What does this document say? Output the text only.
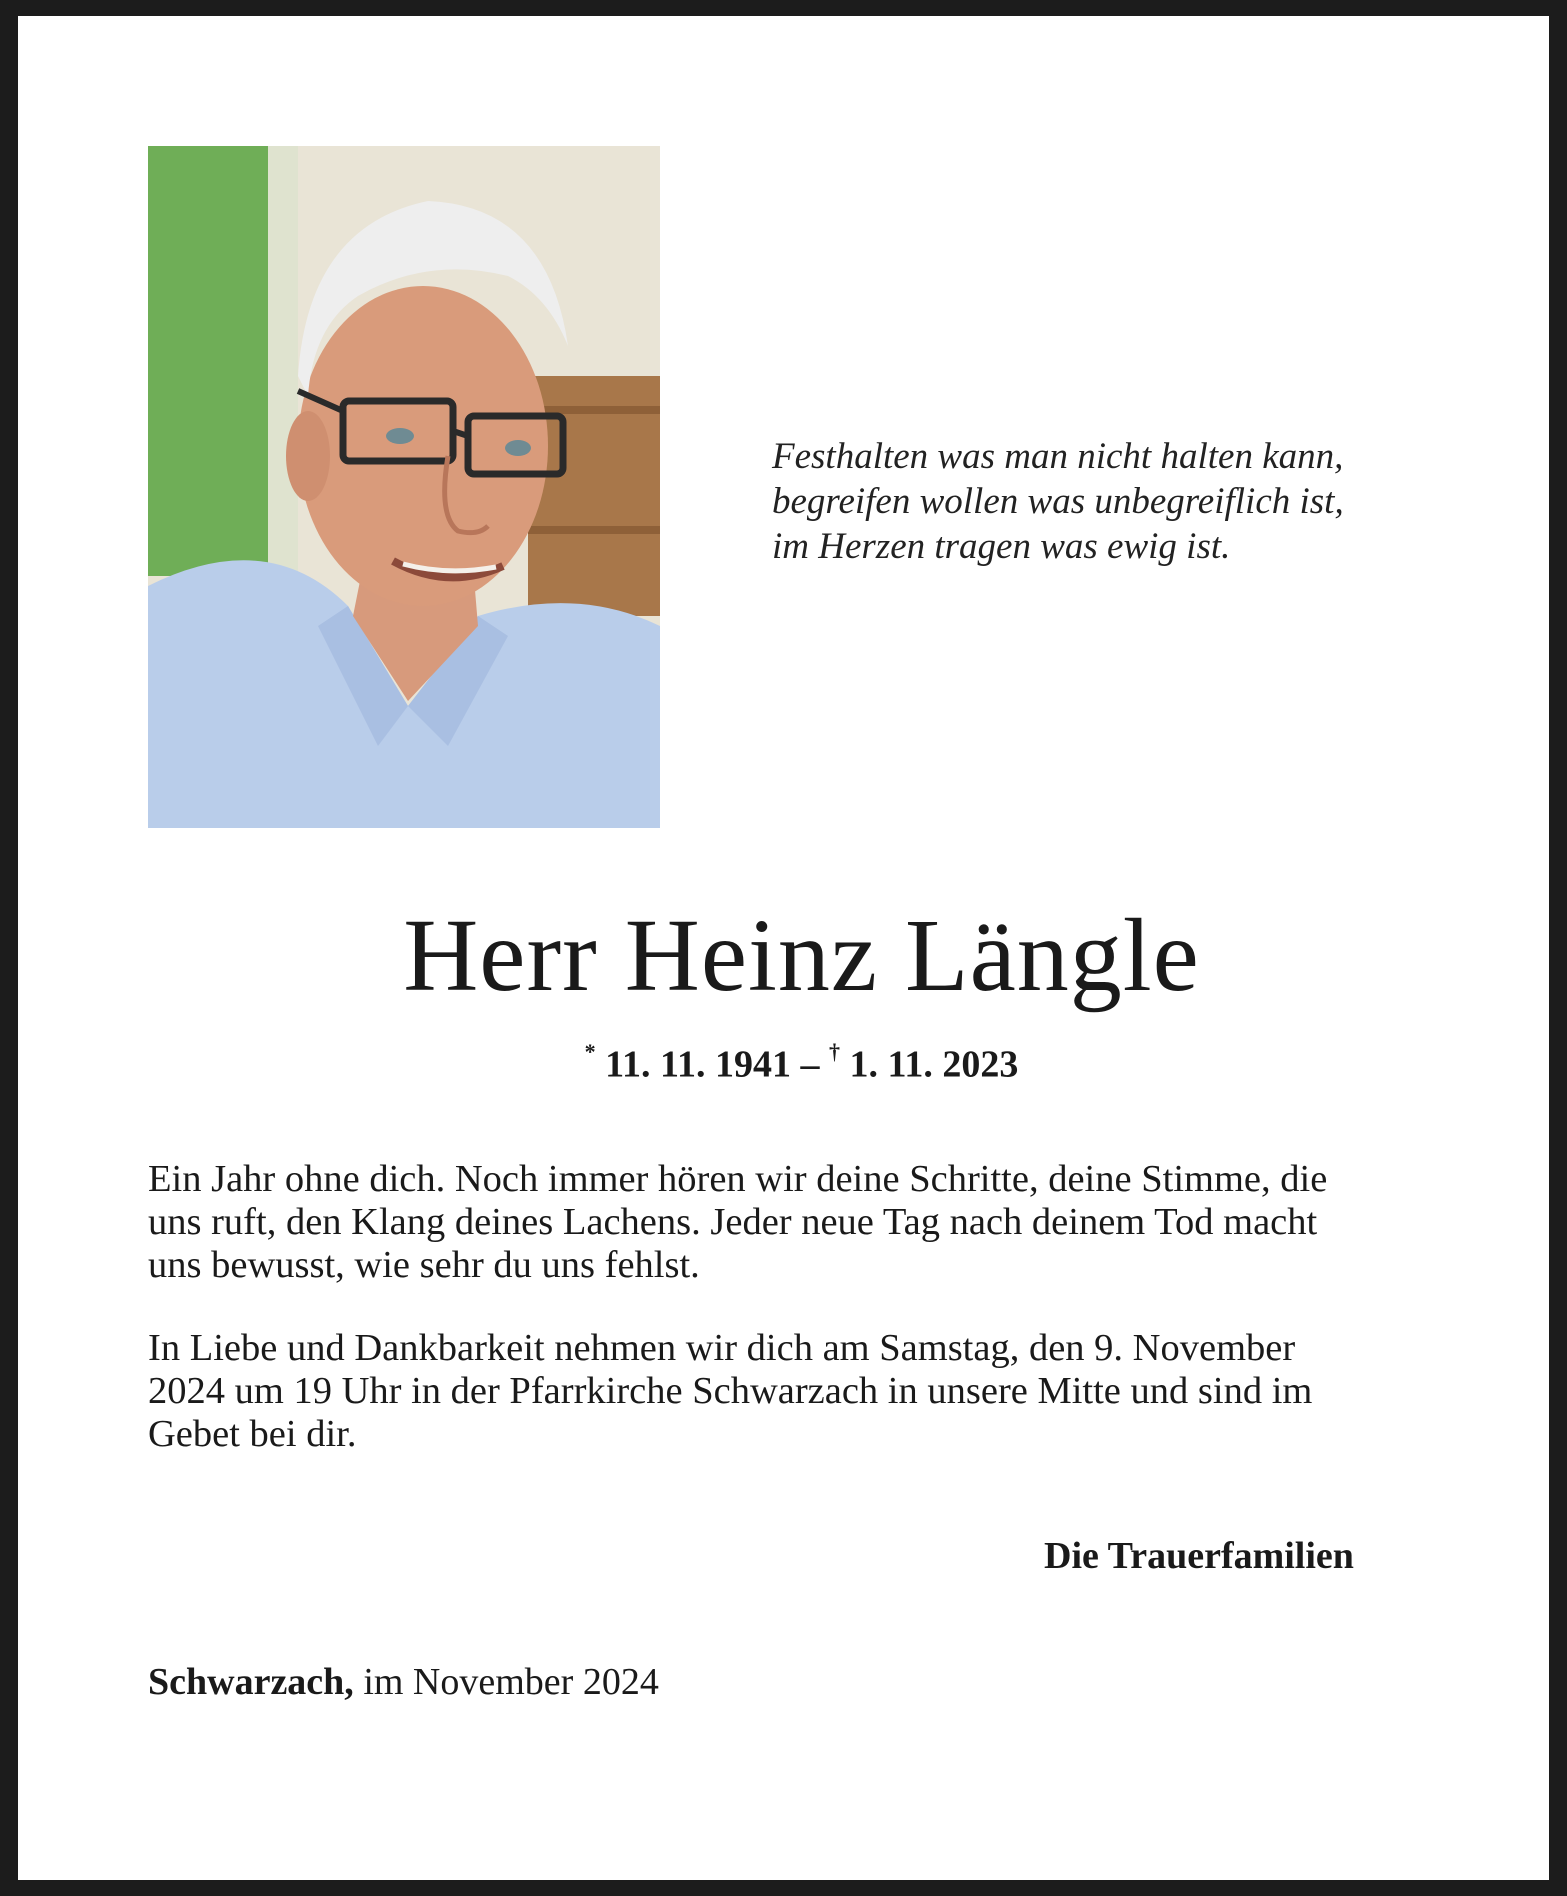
Festhalten was man nicht halten kann,
begreifen wollen was unbegreiflich ist,
im Herzen tragen was ewig ist.
Herr Heinz Längle
* 11. 11. 1941 – † 1. 11. 2023
Ein Jahr ohne dich. Noch immer hören wir deine Schritte, deine Stimme, die
uns ruft, den Klang deines Lachens. Jeder neue Tag nach deinem Tod macht
uns bewusst, wie sehr du uns fehlst.
In Liebe und Dankbarkeit nehmen wir dich am Samstag, den 9. November
2024 um 19 Uhr in der Pfarrkirche Schwarzach in unsere Mitte und sind im
Gebet bei dir.
Die Trauerfamilien
Schwarzach, im November 2024
